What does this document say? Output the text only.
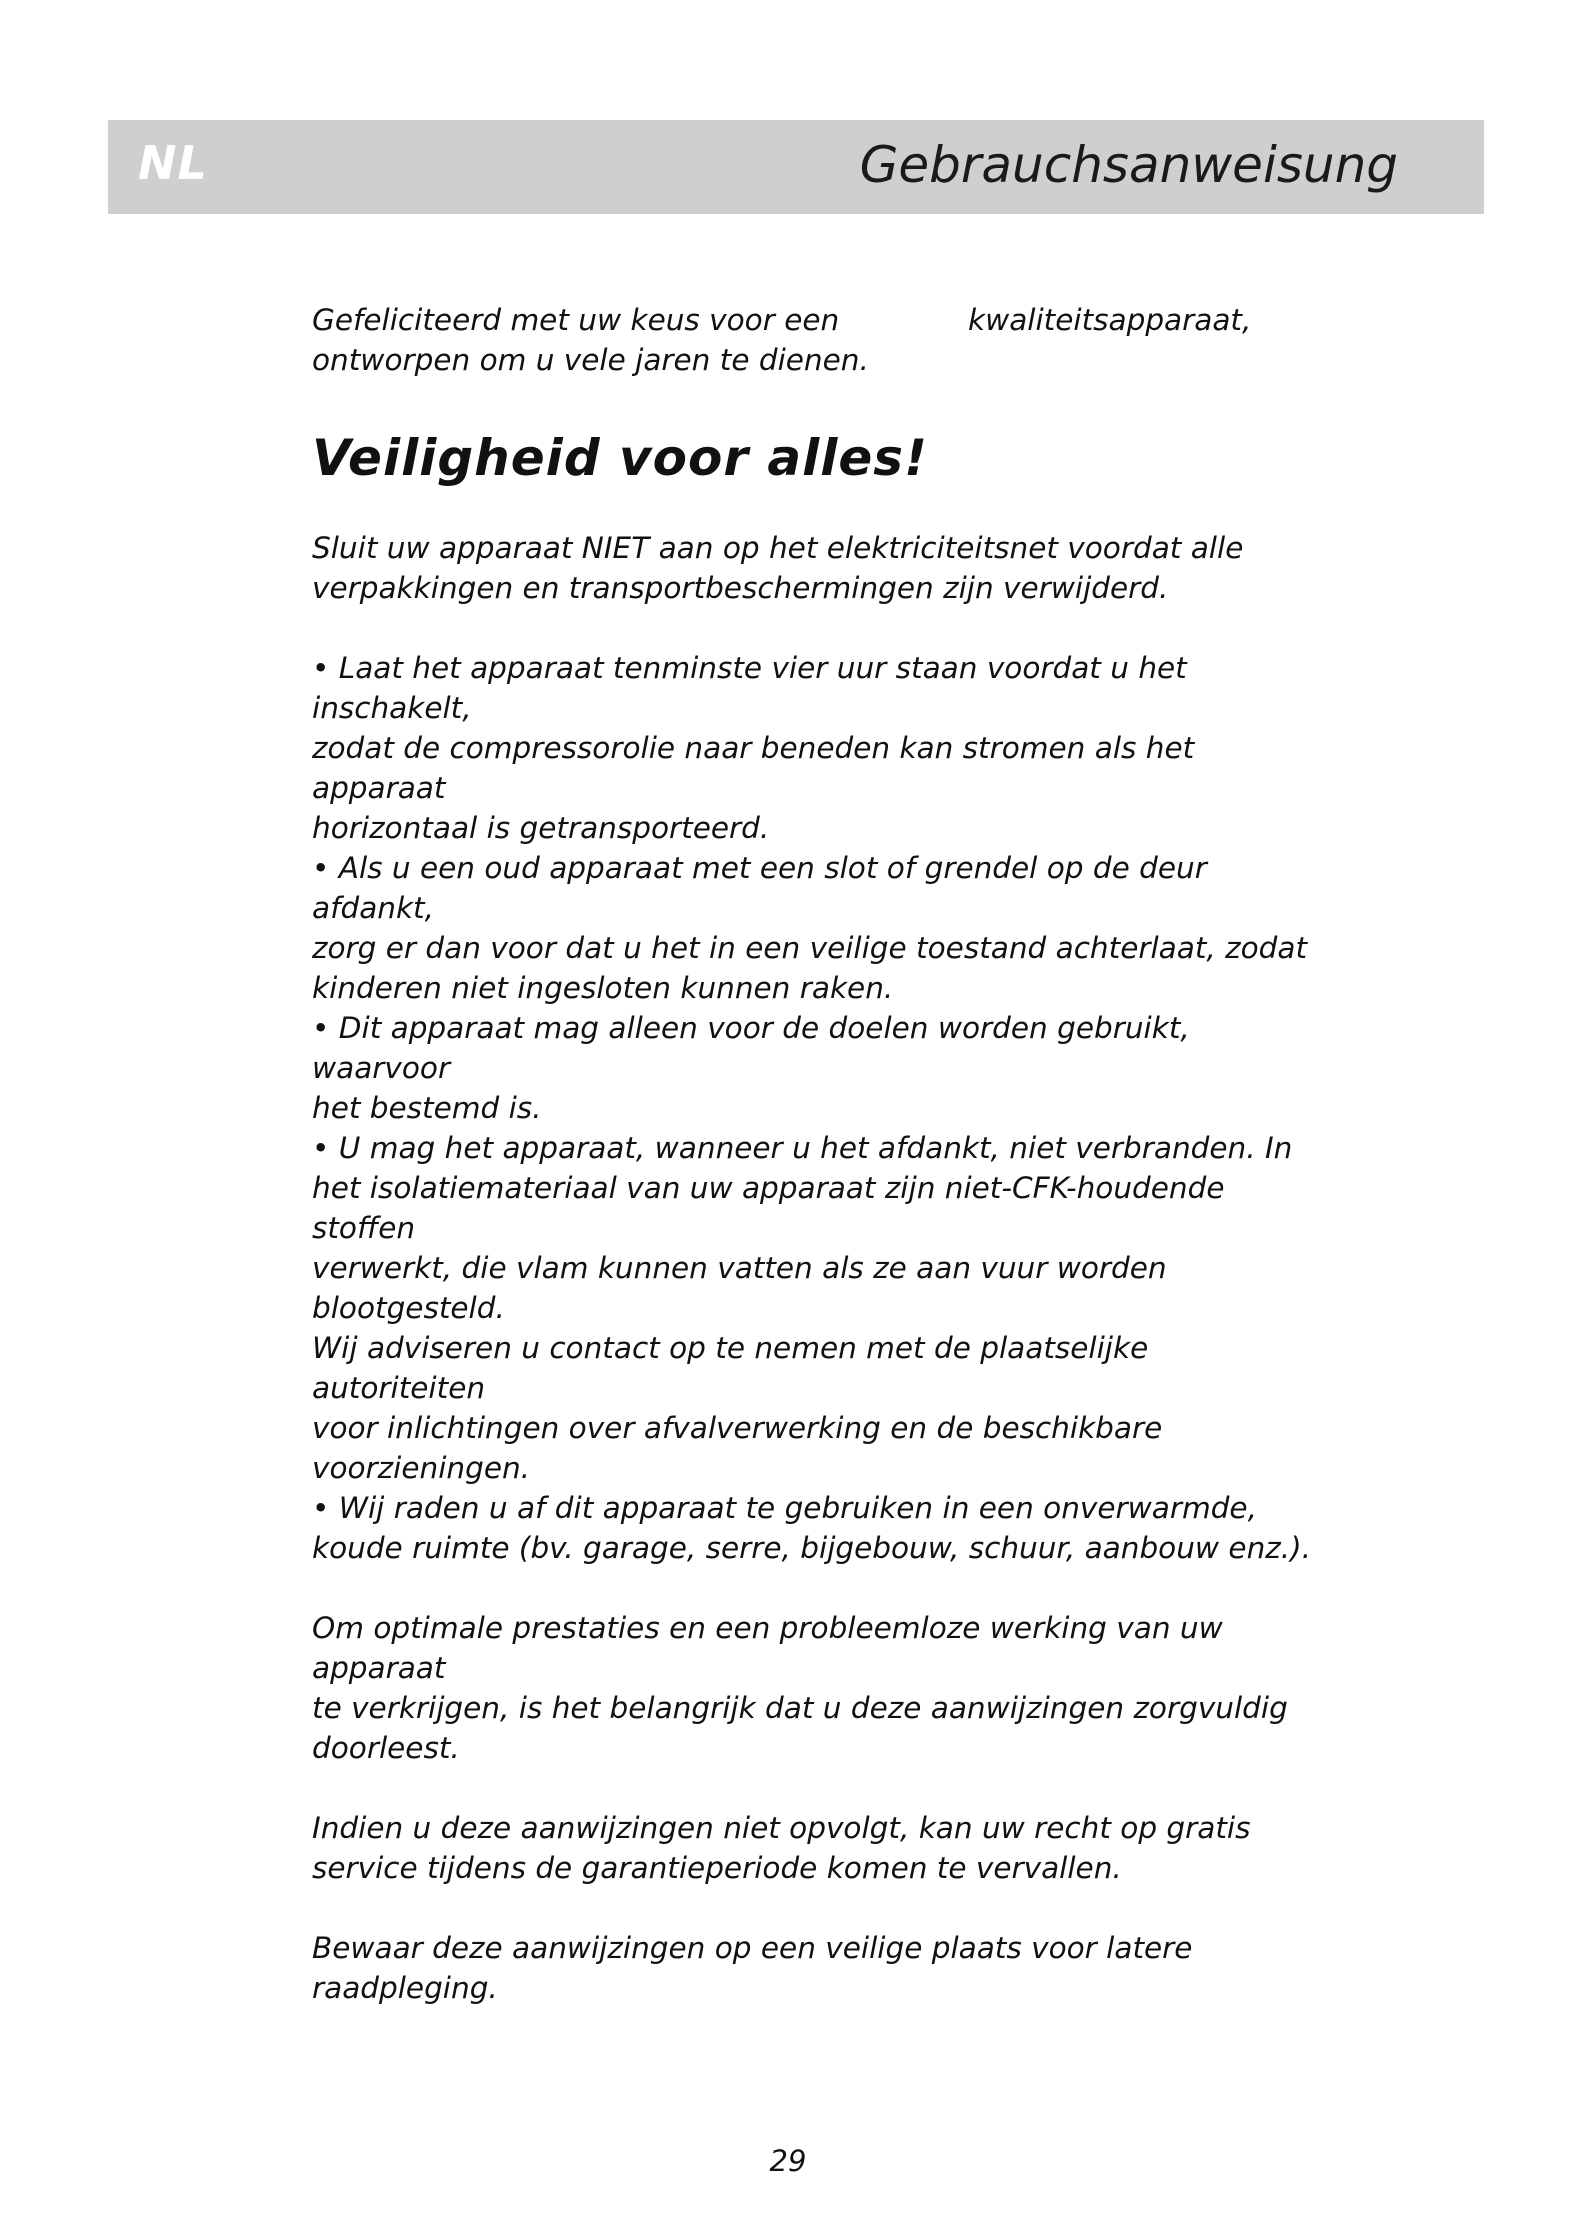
NL	Gebrauchsanweisung

Gefeliciteerd met uw keus voor een
ontworpen om u vele jaren te dienen.

kwaliteitsapparaat,

Veiligheid voor alles!

Sluit uw apparaat NIET aan op het elektriciteitsnet voordat alle
verpakkingen en transportbeschermingen zijn verwijderd.

• Laat het apparaat tenminste vier uur staan voordat u het inschakelt,
zodat de compressorolie naar beneden kan stromen als het apparaat
horizontaal is getransporteerd.
• Als u een oud apparaat met een slot of grendel op de deur afdankt,
zorg er dan voor dat u het in een veilige toestand achterlaat, zodat
kinderen niet ingesloten kunnen raken.
• Dit apparaat mag alleen voor de doelen worden gebruikt, waarvoor
het bestemd is.
• U mag het apparaat, wanneer u het afdankt, niet verbranden. In
het isolatiemateriaal van uw apparaat zijn niet-CFK-houdende stoffen
verwerkt, die vlam kunnen vatten als ze aan vuur worden blootgesteld.
Wij adviseren u contact op te nemen met de plaatselijke autoriteiten
voor inlichtingen over afvalverwerking en de beschikbare
voorzieningen.
• Wij raden u af dit apparaat te gebruiken in een onverwarmde,
koude ruimte (bv. garage, serre, bijgebouw, schuur, aanbouw enz.).

Om optimale prestaties en een probleemloze werking van uw apparaat
te verkrijgen, is het belangrijk dat u deze aanwijzingen zorgvuldig
doorleest.

Indien u deze aanwijzingen niet opvolgt, kan uw recht op gratis
service tijdens de garantieperiode komen te vervallen.

Bewaar deze aanwijzingen op een veilige plaats voor latere
raadpleging.

29
